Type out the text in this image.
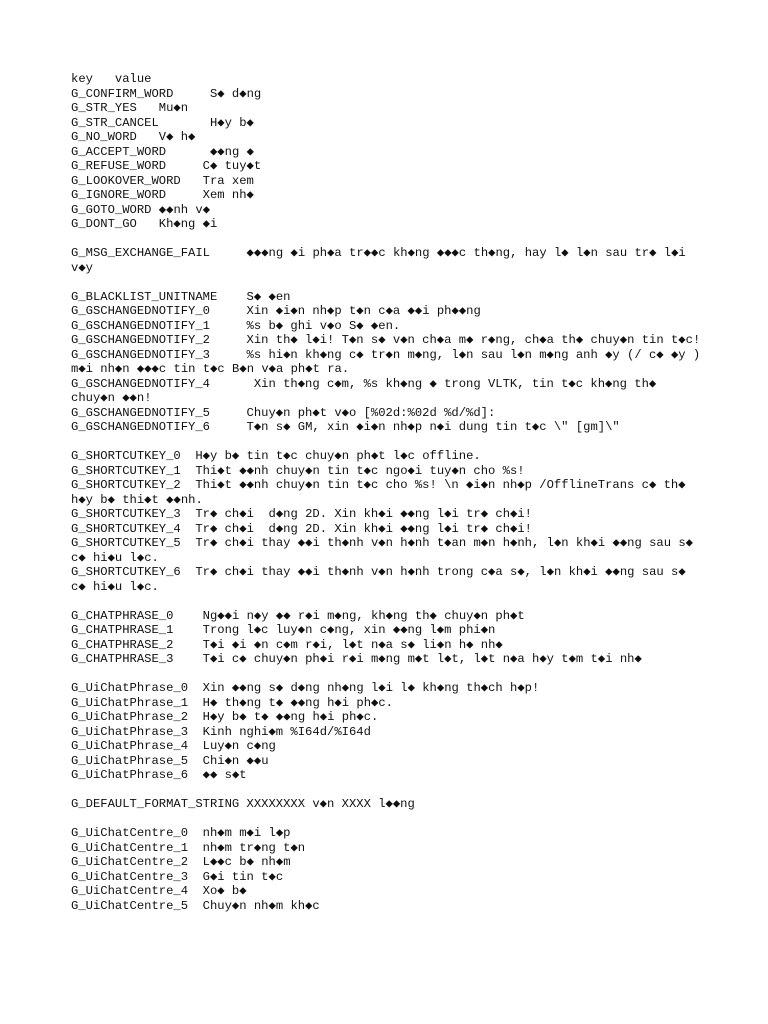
key   value
G_CONFIRM_WORD     S◆ d◆ng
G_STR_YES   Mu◆n
G_STR_CANCEL       H◆y b◆
G_NO_WORD   V◆ h◆
G_ACCEPT_WORD      ◆◆ng ◆
G_REFUSE_WORD     C◆ tuy◆t
G_LOOKOVER_WORD   Tra xem
G_IGNORE_WORD     Xem nh◆
G_GOTO_WORD ◆◆nh v◆
G_DONT_GO   Kh◆ng ◆i
G_MSG_EXCHANGE_FAIL     ◆◆◆ng ◆i ph◆a tr◆◆c kh◆ng ◆◆◆c th◆ng, hay l◆ l◆n sau tr◆ l◆i v◆y
G_BLACKLIST_UNITNAME    S◆ ◆en
G_GSCHANGEDNOTIFY_0     Xin ◆i◆n nh◆p t◆n c◆a ◆◆i ph◆◆ng
G_GSCHANGEDNOTIFY_1     %s b◆ ghi v◆o S◆ ◆en.
G_GSCHANGEDNOTIFY_2     Xin th◆ l◆i! T◆n s◆ v◆n ch◆a m◆ r◆ng, ch◆a th◆ chuy◆n tin t◆c!
G_GSCHANGEDNOTIFY_3     %s hi◆n kh◆ng c◆ tr◆n m◆ng, l◆n sau l◆n m◆ng anh ◆y (/ c◆ ◆y ) m◆i nh◆n ◆◆◆c tin t◆c B◆n v◆a ph◆t ra.
G_GSCHANGEDNOTIFY_4      Xin th◆ng c◆m, %s kh◆ng ◆ trong VLTK, tin t◆c kh◆ng th◆ chuy◆n ◆◆n!
G_GSCHANGEDNOTIFY_5     Chuy◆n ph◆t v◆o [%02d:%02d %d/%d]:
G_GSCHANGEDNOTIFY_6     T◆n s◆ GM, xin ◆i◆n nh◆p n◆i dung tin t◆c \" [gm]\"
G_SHORTCUTKEY_0  H◆y b◆ tin t◆c chuy◆n ph◆t l◆c offline.
G_SHORTCUTKEY_1  Thi◆t ◆◆nh chuy◆n tin t◆c ngo◆i tuy◆n cho %s!
G_SHORTCUTKEY_2  Thi◆t ◆◆nh chuy◆n tin t◆c cho %s! \n ◆i◆n nh◆p /OfflineTrans c◆ th◆ h◆y b◆ thi◆t ◆◆nh.
G_SHORTCUTKEY_3  Tr◆ ch◆i  d◆ng 2D. Xin kh◆i ◆◆ng l◆i tr◆ ch◆i!
G_SHORTCUTKEY_4  Tr◆ ch◆i  d◆ng 2D. Xin kh◆i ◆◆ng l◆i tr◆ ch◆i!
G_SHORTCUTKEY_5  Tr◆ ch◆i thay ◆◆i th◆nh v◆n h◆nh t◆an m◆n h◆nh, l◆n kh◆i ◆◆ng sau s◆ c◆ hi◆u l◆c.
G_SHORTCUTKEY_6  Tr◆ ch◆i thay ◆◆i th◆nh v◆n h◆nh trong c◆a s◆, l◆n kh◆i ◆◆ng sau s◆ c◆ hi◆u l◆c.
G_CHATPHRASE_0    Ng◆◆i n◆y ◆◆ r◆i m◆ng, kh◆ng th◆ chuy◆n ph◆t
G_CHATPHRASE_1    Trong l◆c luy◆n c◆ng, xin ◆◆ng l◆m phi◆n
G_CHATPHRASE_2    T◆i ◆i ◆n c◆m r◆i, l◆t n◆a s◆ li◆n h◆ nh◆
G_CHATPHRASE_3    T◆i c◆ chuy◆n ph◆i r◆i m◆ng m◆t l◆t, l◆t n◆a h◆y t◆m t◆i nh◆
G_UiChatPhrase_0  Xin ◆◆ng s◆ d◆ng nh◆ng l◆i l◆ kh◆ng th◆ch h◆p!
G_UiChatPhrase_1  H◆ th◆ng t◆ ◆◆ng h◆i ph◆c.
G_UiChatPhrase_2  H◆y b◆ t◆ ◆◆ng h◆i ph◆c.
G_UiChatPhrase_3  Kinh nghi◆m %I64d/%I64d
G_UiChatPhrase_4  Luy◆n c◆ng
G_UiChatPhrase_5  Chi◆n ◆◆u
G_UiChatPhrase_6  ◆◆ s◆t
G_DEFAULT_FORMAT_STRING XXXXXXXX v◆n XXXX l◆◆ng
G_UiChatCentre_0  nh◆m m◆i l◆p
G_UiChatCentre_1  nh◆m tr◆ng t◆n
G_UiChatCentre_2  L◆◆c b◆ nh◆m
G_UiChatCentre_3  G◆i tin t◆c
G_UiChatCentre_4  Xo◆ b◆
G_UiChatCentre_5  Chuy◆n nh◆m kh◆c
